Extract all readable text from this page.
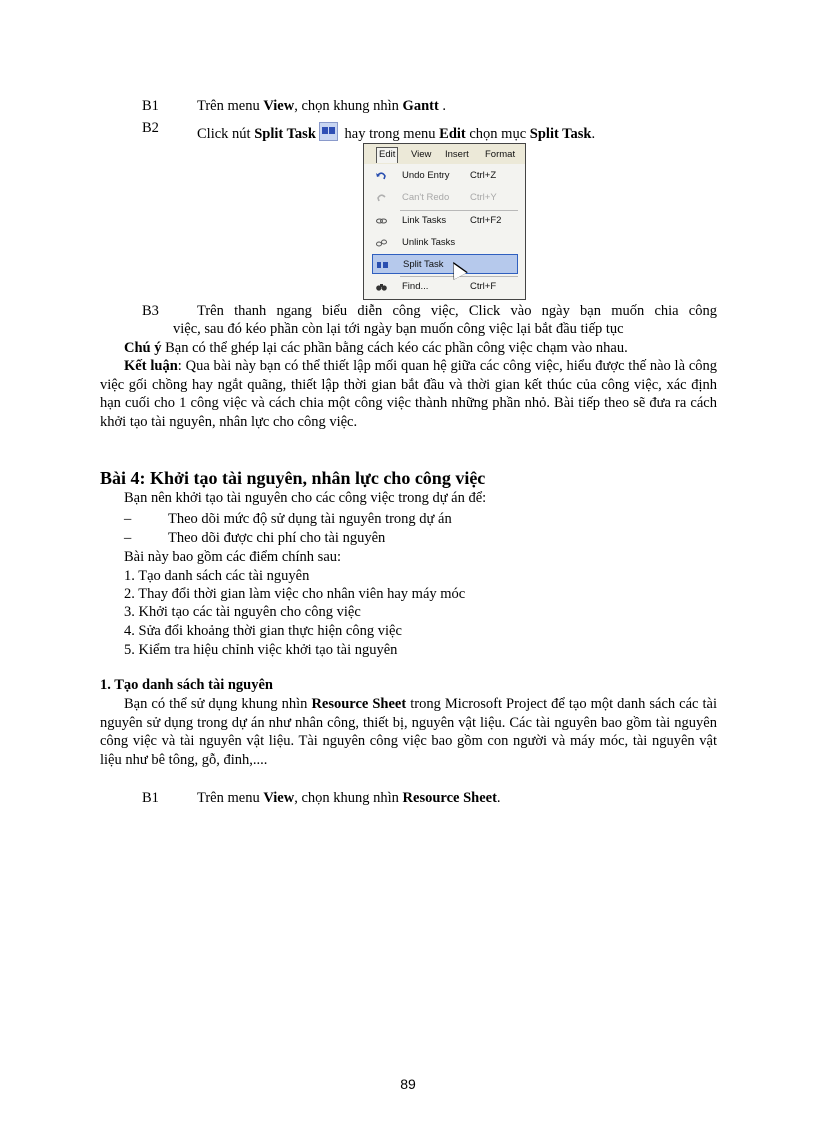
B1	Trên menu View, chọn khung nhìn Gantt .
B2	Click nút Split Task
hay trong menu Edit chọn mục Split Task.
Edit	View Insert Format
Undo Entry Ctrl+Z
Can't Redo Ctrl+Y
Link Tasks	Ctrl+F2
Unlink Tasks
Split Task
Find...	Ctrl+F
B3	Trên thanh ngang biểu diễn công việc, Click vào ngày bạn muốn chia công
việc, sau đó kéo phần còn lại tới ngày bạn muốn công việc lại bắt đầu tiếp tục
Chú ý Bạn có thể ghép lại các phần bằng cách kéo các phần công việc chạm vào nhau.

Kết luận: Qua bài này bạn có thể thiết lập mối quan hệ giữa các công việc, hiểu được thế nào là công việc gối chồng hay ngắt quãng, thiết lập thời gian bắt đầu và thời gian kết thúc của công việc, xác định hạn cuối cho 1 công việc và cách chia một công việc thành những phần nhỏ. Bài tiếp theo sẽ đưa ra cách khởi tạo tài nguyên, nhân lực cho công việc.

Bài 4: Khởi tạo tài nguyên, nhân lực cho công việc
Bạn nên khởi tạo tài nguyên cho các công việc trong dự án để:
–	Theo dõi mức độ sử dụng tài nguyên trong dự án
–	Theo dõi được chi phí cho tài nguyên
Bài này bao gồm các điểm chính sau:
1. Tạo danh sách các tài nguyên
2. Thay đổi thời gian làm việc cho nhân viên hay máy móc
3. Khởi tạo các tài nguyên cho công việc
4. Sửa đổi khoảng thời gian thực hiện công việc
5. Kiểm tra hiệu chỉnh việc khởi tạo tài nguyên
1. Tạo danh sách tài nguyên

Bạn có thể sử dụng khung nhìn Resource Sheet trong Microsoft Project để tạo một danh sách các tài nguyên sử dụng trong dự án như nhân công, thiết bị, nguyên vật liệu. Các tài nguyên bao gồm tài nguyên công việc và tài nguyên vật liệu. Tài nguyên công việc bao gồm con người và máy móc, tài nguyên vật liệu như bê tông, gỗ, đinh,....

B1	Trên menu View, chọn khung nhìn Resource Sheet.
89
